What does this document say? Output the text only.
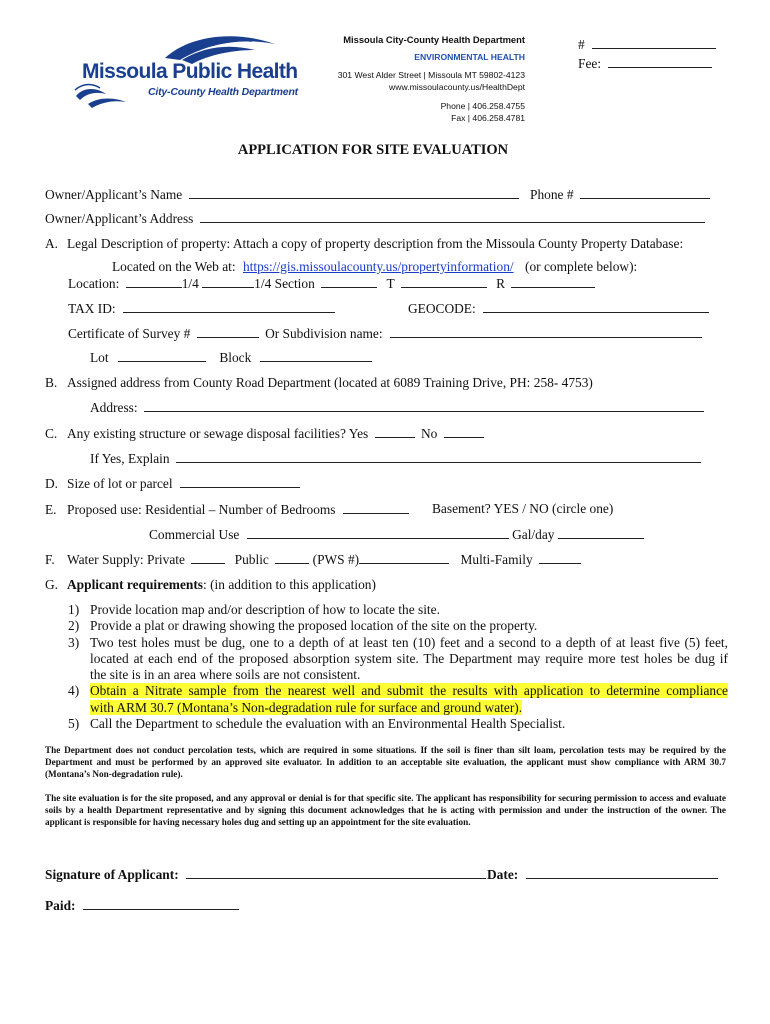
Missoula Public Health
City-County Health Department
Missoula City-County Health Department
ENVIRONMENTAL HEALTH
301 West Alder Street | Missoula MT 59802-4123
www.missoulacounty.us/HealthDept
Phone | 406.258.4755
Fax | 406.258.4781
#
Fee:
APPLICATION FOR SITE EVALUATION
Owner/Applicant’s Name	Phone #
Owner/Applicant’s Address
A. Legal Description of property: Attach a copy of property description from the Missoula County Property Database:
Located on the Web at: https://gis.missoulacounty.us/propertyinformation/ (or complete below):
Location:	1/4	1/4 Section	T	R
TAX ID:	GEOCODE:
Certificate of Survey #	Or Subdivision name:
Lot	Block
B. Assigned address from County Road Department (located at 6089 Training Drive, PH: 258- 4753)
Address:
C. Any existing structure or sewage disposal facilities? Yes	No
If Yes, Explain
D. Size of lot or parcel
E. Proposed use: Residential – Number of Bedrooms	Basement? YES / NO (circle one)
Commercial Use	Gal/day
F. Water Supply: Private	Public	(PWS #)	Multi-Family
G. Applicant requirements: (in addition to this application)
1) Provide location map and/or description of how to locate the site.
2) Provide a plat or drawing showing the proposed location of the site on the property.
3) Two test holes must be dug, one to a depth of at least ten (10) feet and a second to a depth of at least five (5) feet,
located at each end of the proposed absorption system site. The Department may require more test holes be dug if
the site is in an area where soils are not consistent.
4) Obtain a Nitrate sample from the nearest well and submit the results with application to determine compliance
with ARM 30.7 (Montana’s Non-degradation rule for surface and ground water).
5) Call the Department to schedule the evaluation with an Environmental Health Specialist.
The Department does not conduct percolation tests, which are required in some situations. If the soil is finer than silt loam, percolation tests may be required by the Department and must be performed by an approved site evaluator. In addition to an acceptable site evaluation, the applicant must show compliance with ARM 30.7 (Montana’s Non-degradation rule).
The site evaluation is for the site proposed, and any approval or denial is for that specific site. The applicant has responsibility for securing permission to access and evaluate soils by a health Department representative and by signing this document acknowledges that he is acting with permission and under the instruction of the owner. The applicant is responsible for having necessary holes dug and setting up an appointment for the site evaluation.
Signature of Applicant:	Date:
Paid:
